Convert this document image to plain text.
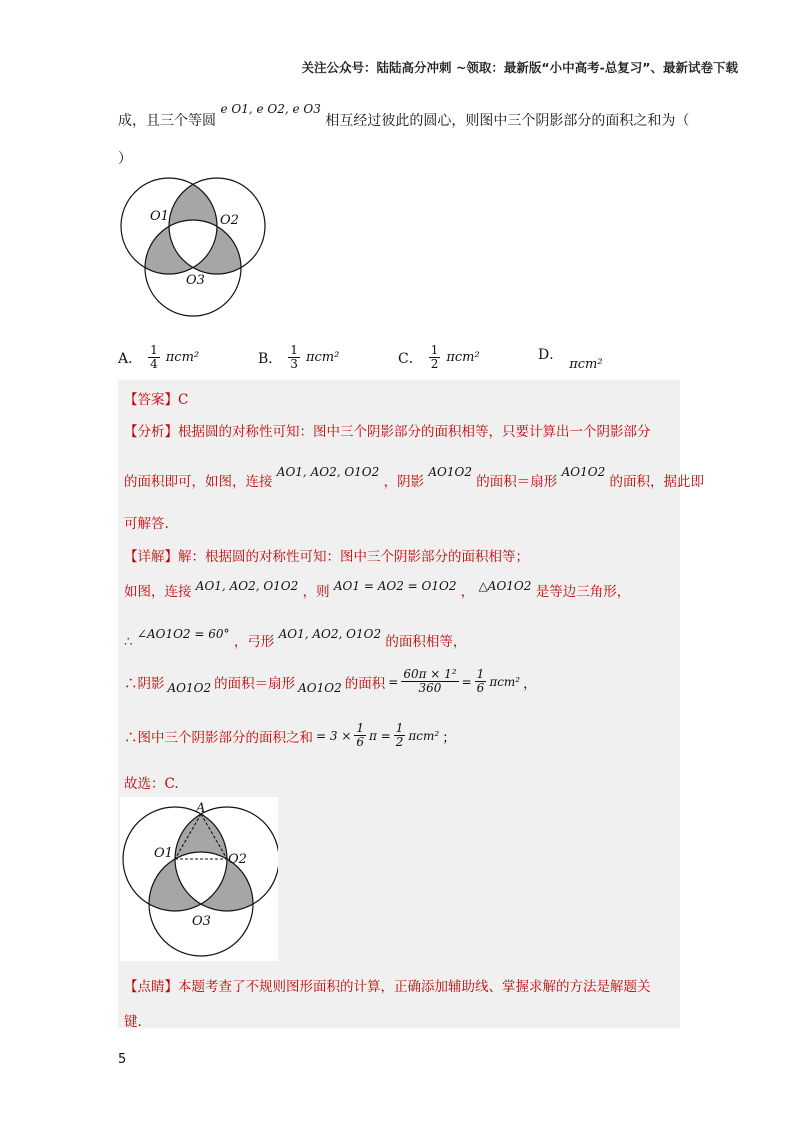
关注公众号：陆陆高分冲刺 ~领取：最新版“小中高考-总复习”、最新试卷下载
成，且三个等圆 e O1, e O2, e O3 相互经过彼此的圆心，则图中三个阴影部分的面积之和为（
）
O1	O2
O3
A． $\frac{1}{4} \pi cm^2$	B． $\frac{1}{3} \pi cm^2$	C． $\frac{1}{2} \pi cm^2$	D．
πcm²
【答案】C
【分析】根据圆的对称性可知：图中三个阴影部分的面积相等，只要计算出一个阴影部分
的面积即可，如图，连接 AO1, AO2, O1O2 ，阴影 AO1O2 的面积＝扇形 AO1O2 的面积，据此即
可解答.
【详解】解：根据圆的对称性可知：图中三个阴影部分的面积相等；
如图，连接 AO1, AO2, O1O2 ，则 AO1 = AO2 = O1O2 ， △AO1O2 是等边三角形，
∴ ∠AO1O2 = 60° ，弓形 AO1, AO2, O1O2 的面积相等，
∴阴影 AO1O2 的面积＝扇形 AO1O2 的面积 = $\frac{\text{60π × 1²}}{360} = \frac{1}{6} \pi cm^2$ ，
∴图中三个阴影部分的面积之和 = $3 \times \frac{1}{6}$ $\pi = \frac{1}{2} \pi cm^2$ ；
故选：C.
A
O1	O2
O3
【点睛】本题考查了不规则图形面积的计算，正确添加辅助线、掌握求解的方法是解题关
键.
5
